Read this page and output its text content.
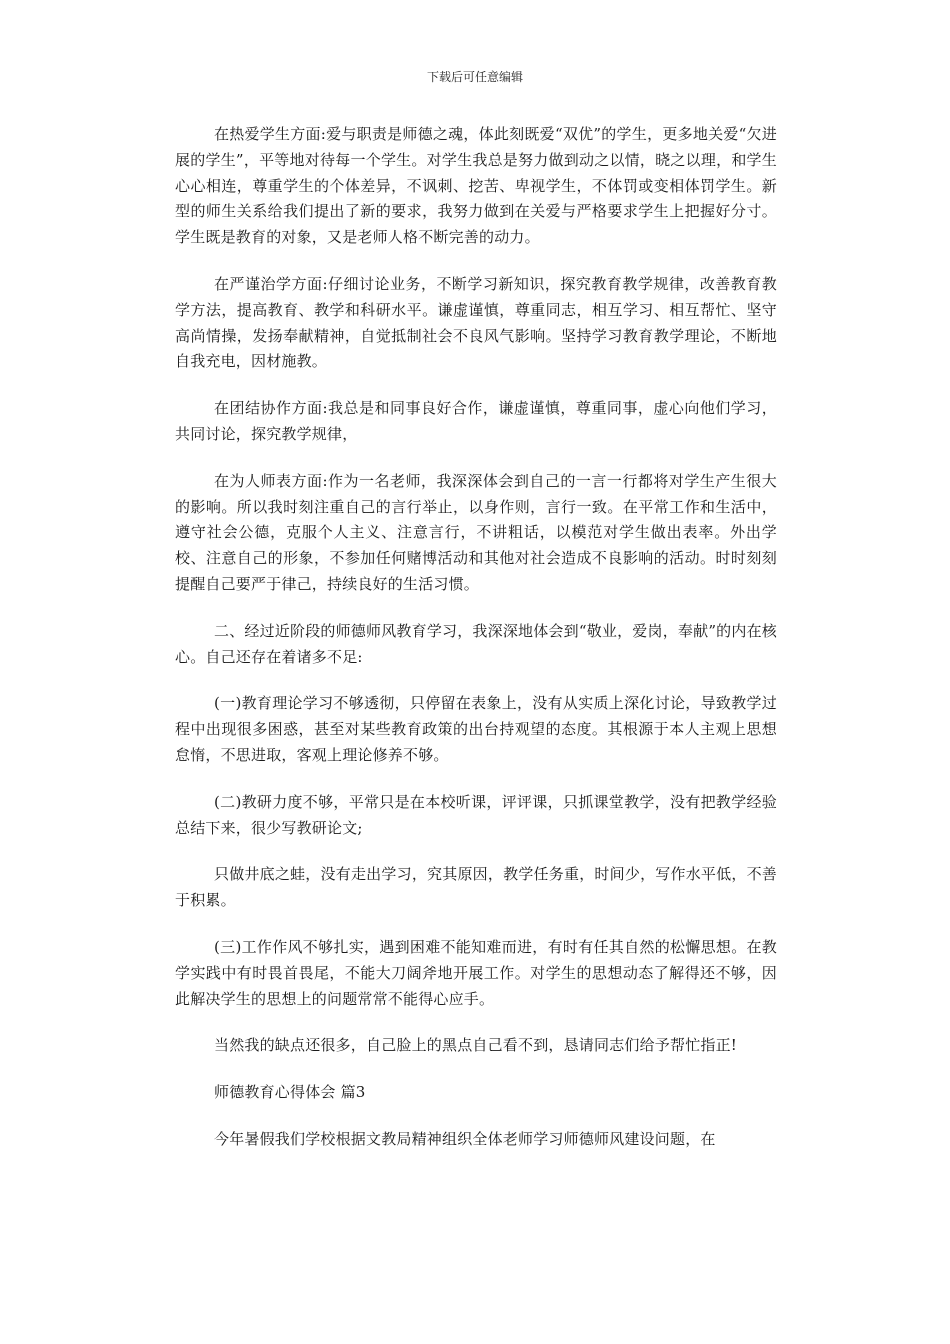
下载后可任意编辑

在热爱学生方面:爱与职责是师德之魂，体此刻既爱“双优”的学生，更多地关爱“欠进展的学生”，平等地对待每一个学生。对学生我总是努力做到动之以情，晓之以理，和学生心心相连，尊重学生的个体差异，不讽刺、挖苦、卑视学生，不体罚或变相体罚学生。新型的师生关系给我们提出了新的要求，我努力做到在关爱与严格要求学生上把握好分寸。学生既是教育的对象，又是老师人格不断完善的动力。

在严谨治学方面:仔细讨论业务，不断学习新知识，探究教育教学规律，改善教育教学方法，提高教育、教学和科研水平。谦虚谨慎，尊重同志，相互学习、相互帮忙、坚守高尚情操，发扬奉献精神，自觉抵制社会不良风气影响。坚持学习教育教学理论，不断地自我充电，因材施教。

在团结协作方面:我总是和同事良好合作，谦虚谨慎，尊重同事，虚心向他们学习，共同讨论，探究教学规律，

在为人师表方面:作为一名老师，我深深体会到自己的一言一行都将对学生产生很大的影响。所以我时刻注重自己的言行举止，以身作则，言行一致。在平常工作和生活中，遵守社会公德，克服个人主义、注意言行，不讲粗话，以模范对学生做出表率。外出学校、注意自己的形象，不参加任何赌博活动和其他对社会造成不良影响的活动。时时刻刻提醒自己要严于律己，持续良好的生活习惯。

二、经过近阶段的师德师风教育学习，我深深地体会到“敬业，爱岗，奉献”的内在核心。自己还存在着诸多不足:

(一)教育理论学习不够透彻，只停留在表象上，没有从实质上深化讨论，导致教学过程中出现很多困惑，甚至对某些教育政策的出台持观望的态度。其根源于本人主观上思想怠惰，不思进取，客观上理论修养不够。

(二)教研力度不够，平常只是在本校听课，评评课，只抓课堂教学，没有把教学经验总结下来，很少写教研论文;

只做井底之蛙，没有走出学习，究其原因，教学任务重，时间少，写作水平低，不善于积累。

(三)工作作风不够扎实，遇到困难不能知难而进，有时有任其自然的松懈思想。在教学实践中有时畏首畏尾，不能大刀阔斧地开展工作。对学生的思想动态了解得还不够，因此解决学生的思想上的问题常常不能得心应手。

当然我的缺点还很多，自己脸上的黑点自己看不到，恳请同志们给予帮忙指正!

师德教育心得体会 篇3

今年暑假我们学校根据文教局精神组织全体老师学习师德师风建设问题，在
